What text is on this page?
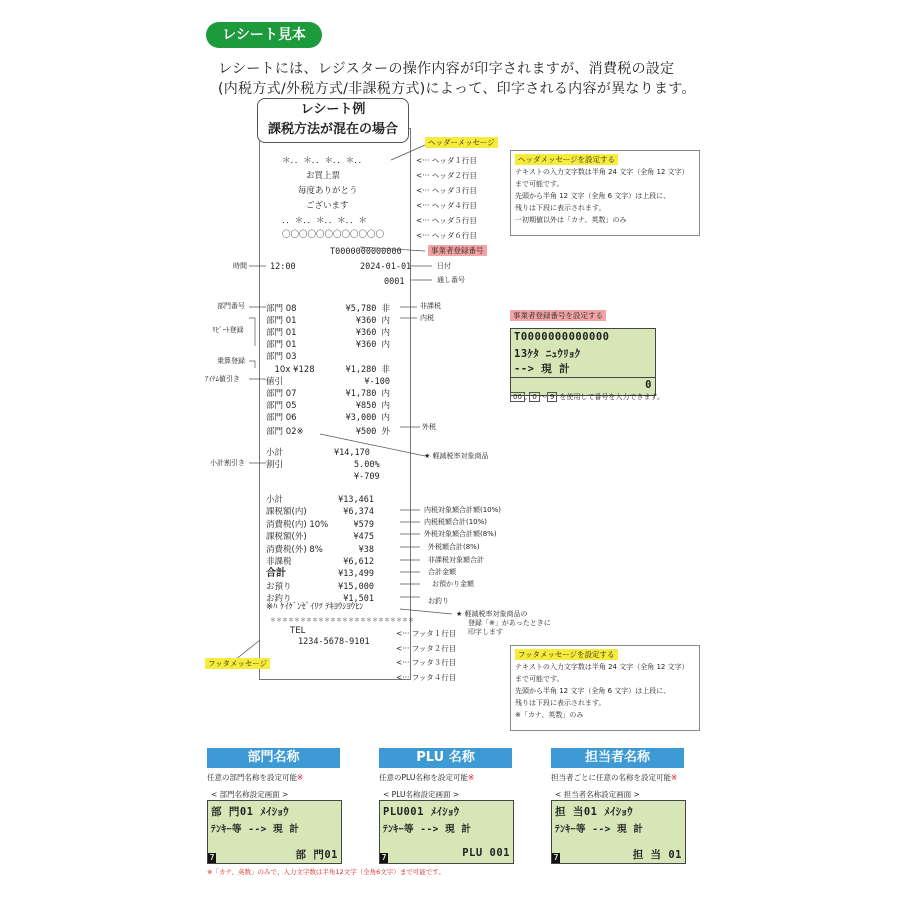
レシート見本
レシートには、レジスターの操作内容が印字されますが、消費税の設定
(内税方式/外税方式/非課税方式)によって、印字される内容が異なります。
＊．．＊．．＊．．＊．．
お買上票
毎度ありがとう
ございます
．．＊．．＊．．＊．．＊
〇〇〇〇〇〇〇〇〇〇〇〇
T0000000000000
12:00	2024-01-01
0001
部門 08	¥5,780 非
部門 01	¥360 内
部門 01	¥360 内
部門 01	¥360 内
部門 03
　10x ¥128	¥1,280 非
値引	¥-100
部門 07	¥1,780 内
部門 05	¥850 内
部門 06	¥3,000 内
部門 02※	¥500 外
小計	¥14,170
割引	5.00%
¥-709
小計	¥13,461
課税額(内)	¥6,374
消費税(内) 10%	¥579
課税額(外)	¥475
消費税(外) 8%	¥38
非課税	¥6,612
合計	¥13,499
お預り	¥15,000
お釣り	¥1,501
※ﾊ ｹｲｹﾞﾝｾﾞｲﾘﾂ ﾃｷﾖｳｼﾖｳﾋﾝ
＊＊＊＊＊＊＊＊＊＊＊＊＊＊＊＊＊＊＊＊＊＊＊＊
TEL
1234-5678-9101
レシート例
課税方法が混在の場合
ヘッダーメッセージ
<··· ヘッダ１行目
<··· ヘッダ２行目
<··· ヘッダ３行目
<··· ヘッダ４行目
<··· ヘッダ５行目
<··· ヘッダ６行目
<··· フッタ１行目
<··· フッタ２行目
<··· フッタ３行目
<··· フッタ４行目
事業者登録番号
日付
通し番号
非課税
内税
外税
★ 軽減税率対象商品
内税対象額合計額(10%)
内税税額合計(10%)
外税対象額合計額(8%)
外税額合計(8%)
非課税対象額合計
合計金額
お預かり金額
お釣り
★ 軽減税率対象商品の
登録「※」があったときに
印字します
時間
部門番号
ﾘﾋﾟｰﾄ登録
乗算登録
ｱｲﾃﾑ値引き
小計割引き
フッタメッセージ
ヘッダメッセージを設定する
テキストの入力文字数は半角 24 文字（全角 12 文字）
まで可能です。
先頭から半角 12 文字（全角 6 文字）は上段に、
残りは下段に表示されます。
一初期値以外は「カナ、英数」のみ
事業者登録番号を設定する
T0000000000000
13ｹﾀ ﾆｭｳﾘｮｸ
--> 現 計
0
00 , 0 〜 9 を使用して番号を入力できます。
フッタメッセージを設定する
テキストの入力文字数は半角 24 文字（全角 12 文字）
まで可能です。
先頭から半角 12 文字（全角 6 文字）は上段に、
残りは下段に表示されます。
※「カナ、英数」のみ
部門名称
任意の部門名称を設定可能※
< 部門名称設定画面 >
部 門01 ﾒｲｼｮｳ
ﾃﾝｷｰ等 --> 現 計
部 門01
7
PLU 名称
任意のPLU名称を設定可能※
< PLU名称設定画面 >
PLU001 ﾒｲｼｮｳ
ﾃﾝｷｰ等 --> 現 計
PLU 001
7
担当者名称
担当者ごとに任意の名称を設定可能※
< 担当者名称設定画面 >
担 当01 ﾒｲｼｮｳ
ﾃﾝｷｰ等 --> 現 計
担 当 01
7
※「カナ、英数」のみで、入力文字数は半角12文字（全角6文字）まで可能です。
